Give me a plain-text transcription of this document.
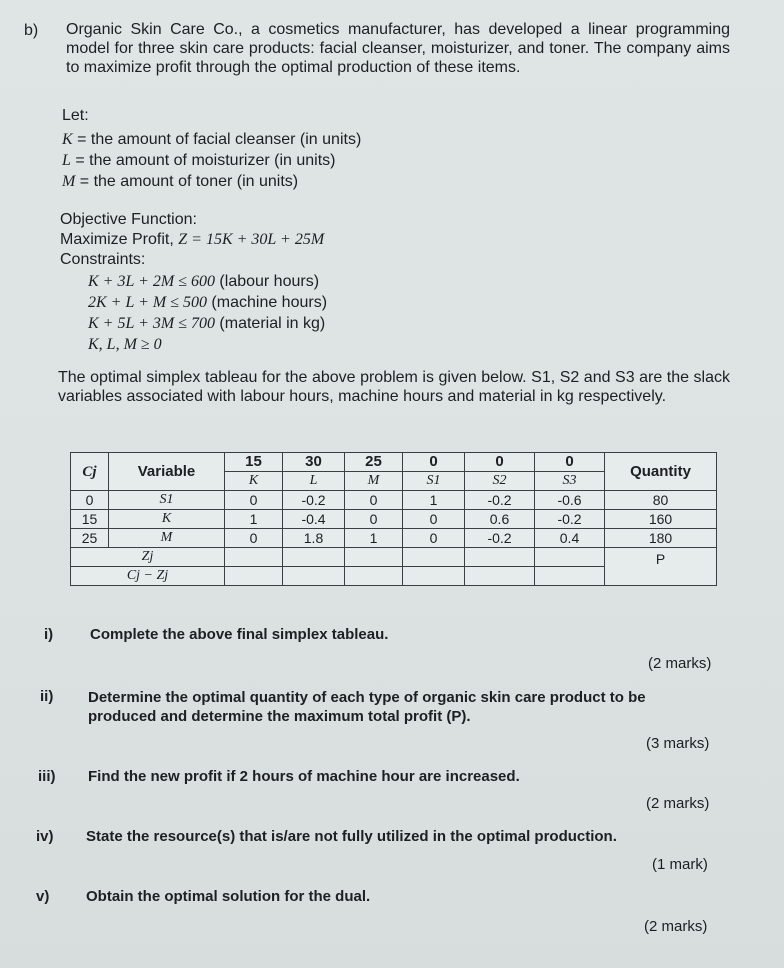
b) Organic Skin Care Co., a cosmetics manufacturer, has developed a linear programming model for three skin care products: facial cleanser, moisturizer, and toner. The company aims to maximize profit through the optimal production of these items.
Let:
K = the amount of facial cleanser (in units)
L = the amount of moisturizer (in units)
M = the amount of toner (in units)
Objective Function:
Maximize Profit, Z = 15K + 30L + 25M
Constraints:
K + 3L + 2M ≤ 600 (labour hours)
2K + L + M ≤ 500 (machine hours)
K + 5L + 3M ≤ 700 (material in kg)
K, L, M ≥ 0
The optimal simplex tableau for the above problem is given below. S1, S2 and S3 are the slack variables associated with labour hours, machine hours and material in kg respectively.
Cj	Variable	15	30	25	0	0	0	Quantity
		K	L	M	S1	S2	S3	
0	S1	0	-0.2	0	1	-0.2	-0.6	80
15	K	1	-0.4	0	0	0.6	-0.2	160
25	M	0	1.8	1	0	-0.2	0.4	180
Zj								P
Cj − Zj								
i) Complete the above final simplex tableau.
(2 marks)
ii) Determine the optimal quantity of each type of organic skin care product to be produced and determine the maximum total profit (P).
(3 marks)
iii) Find the new profit if 2 hours of machine hour are increased.
(2 marks)
iv) State the resource(s) that is/are not fully utilized in the optimal production.
(1 mark)
v) Obtain the optimal solution for the dual.
(2 marks)
